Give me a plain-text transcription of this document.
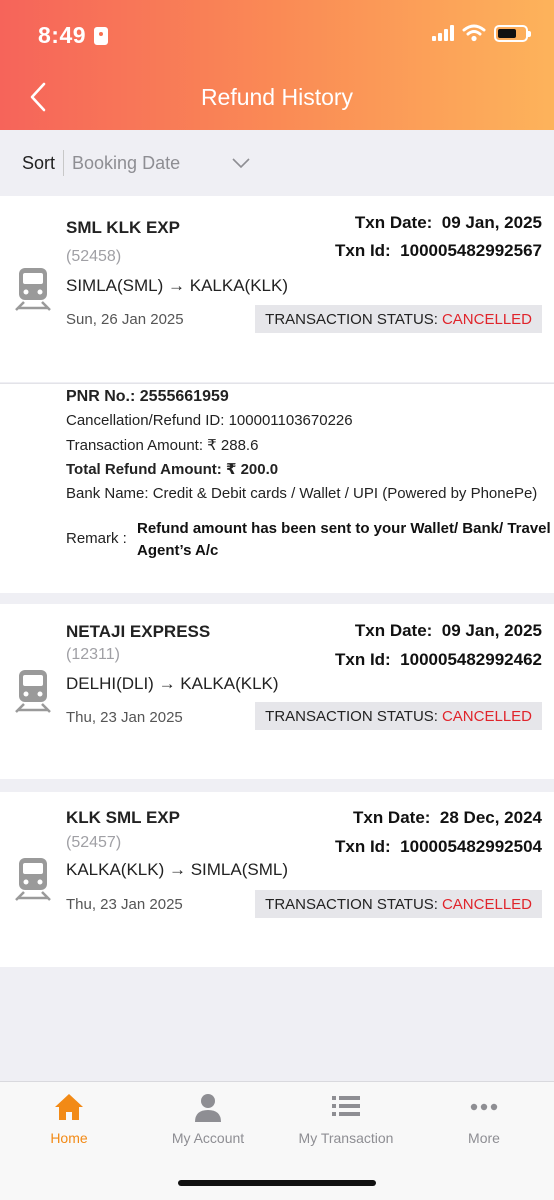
8:49
Refund History
Sort Booking Date
SML KLK EXP
(52458)
SIMLA(SML) → KALKA(KLK)
Sun, 26 Jan 2025
Txn Date: 09 Jan, 2025
Txn Id: 100005482992567
TRANSACTION STATUS: CANCELLED
PNR No.: 2555661959
Cancellation/Refund ID: 100001103670226
Transaction Amount: ₹ 288.6
Total Refund Amount: ₹ 200.0
Bank Name: Credit & Debit cards / Wallet / UPI (Powered by PhonePe)
Remark :
Refund amount has been sent to your Wallet/ Bank/ Travel Agent’s A/c
NETAJI EXPRESS
(12311)
DELHI(DLI) → KALKA(KLK)
Thu, 23 Jan 2025
Txn Date: 09 Jan, 2025
Txn Id: 100005482992462
TRANSACTION STATUS: CANCELLED
KLK SML EXP
(52457)
KALKA(KLK) → SIMLA(SML)
Thu, 23 Jan 2025
Txn Date: 28 Dec, 2024
Txn Id: 100005482992504
TRANSACTION STATUS: CANCELLED
Home	My Account	My Transaction	More
